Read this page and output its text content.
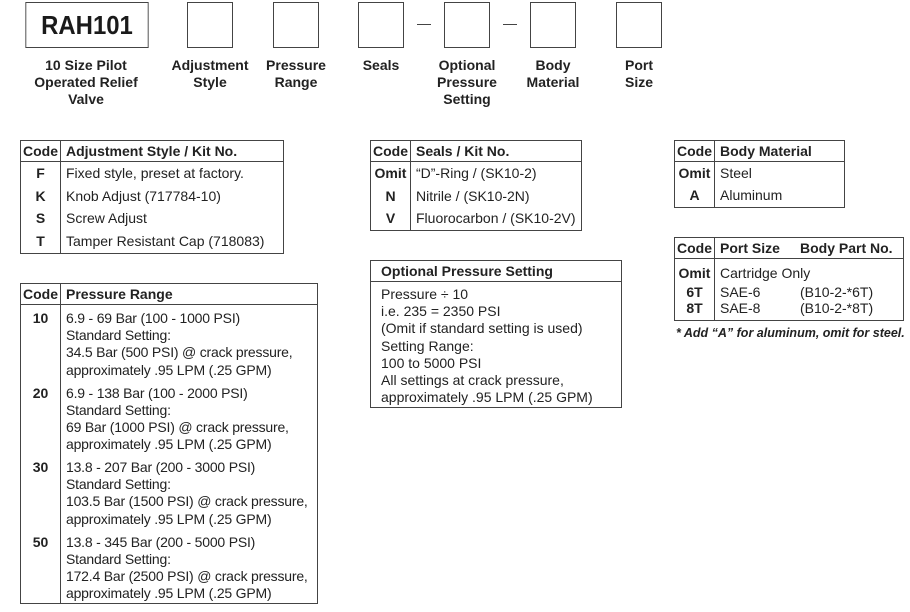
RAH101
10 Size Pilot
Operated Relief
Valve
Adjustment
Style
Pressure
Range
Seals	Optional
Pressure
Setting
Body
Material
Port
Size
Code Adjustment Style / Kit No.
F
K
S
T
Fixed style, preset at factory.
Knob Adjust (717784-10)
Screw Adjust
Tamper Resistant Cap (718083)
Code Seals / Kit No.
Omit
N
V
“D”-Ring / (SK10-2)
Nitrile / (SK10-2N)
Fluorocarbon / (SK10-2V)
Code Body Material
Omit
A
Steel
Aluminum
Code Pressure Range
10
20
30
50
6.9 - 69 Bar (100 - 1000 PSI)
Standard Setting:
34.5 Bar (500 PSI) @ crack pressure,
approximately .95 LPM (.25 GPM)
6.9 - 138 Bar (100 - 2000 PSI)
Standard Setting:
69 Bar (1000 PSI) @ crack pressure,
approximately .95 LPM (.25 GPM)
13.8 - 207 Bar (200 - 3000 PSI)
Standard Setting:
103.5 Bar (1500 PSI) @ crack pressure,
approximately .95 LPM (.25 GPM)
13.8 - 345 Bar (200 - 5000 PSI)
Standard Setting:
172.4 Bar (2500 PSI) @ crack pressure,
approximately .95 LPM (.25 GPM)
Optional Pressure Setting
Pressure ÷ 10
i.e. 235 = 2350 PSI
(Omit if standard setting is used)
Setting Range:
100 to 5000 PSI
All settings at crack pressure,
approximately .95 LPM (.25 GPM)
Code Port Size	Body Part No.
Omit
6T
8T
Cartridge Only
SAE-6
SAE-8
(B10-2-*6T)
(B10-2-*8T)
* Add “A” for aluminum, omit for steel.
